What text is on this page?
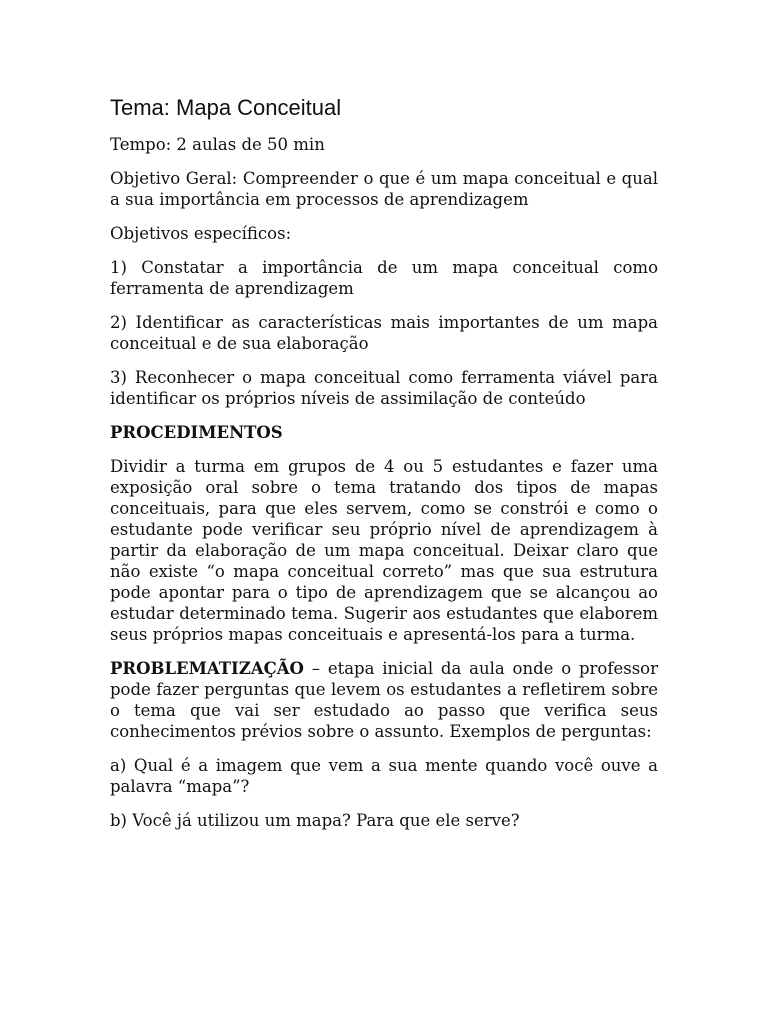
Tema: Mapa Conceitual

Tempo: 2 aulas de 50 min

Objetivo Geral: Compreender o que é um mapa conceitual e qual a sua importância em processos de aprendizagem

Objetivos específicos:

1) Constatar a importância de um mapa conceitual como ferramenta de aprendizagem

2) Identificar as características mais importantes de um mapa conceitual e de sua elaboração

3) Reconhecer o mapa conceitual como ferramenta viável para identificar os próprios níveis de assimilação de conteúdo

PROCEDIMENTOS

Dividir a turma em grupos de 4 ou 5 estudantes e fazer uma exposição oral sobre o tema tratando dos tipos de mapas conceituais, para que eles servem, como se constrói e como o estudante pode verificar seu próprio nível de aprendizagem à partir da elaboração de um mapa conceitual. Deixar claro que não existe “o mapa conceitual correto” mas que sua estrutura pode apontar para o tipo de aprendizagem que se alcançou ao estudar determinado tema. Sugerir aos estudantes que elaborem seus próprios mapas conceituais e apresentá-los para a turma.

PROBLEMATIZAÇÃO – etapa inicial da aula onde o professor pode fazer perguntas que levem os estudantes a refletirem sobre o tema que vai ser estudado ao passo que verifica seus conhecimentos prévios sobre o assunto. Exemplos de perguntas:

a) Qual é a imagem que vem a sua mente quando você ouve a palavra “mapa”?

b) Você já utilizou um mapa? Para que ele serve?
